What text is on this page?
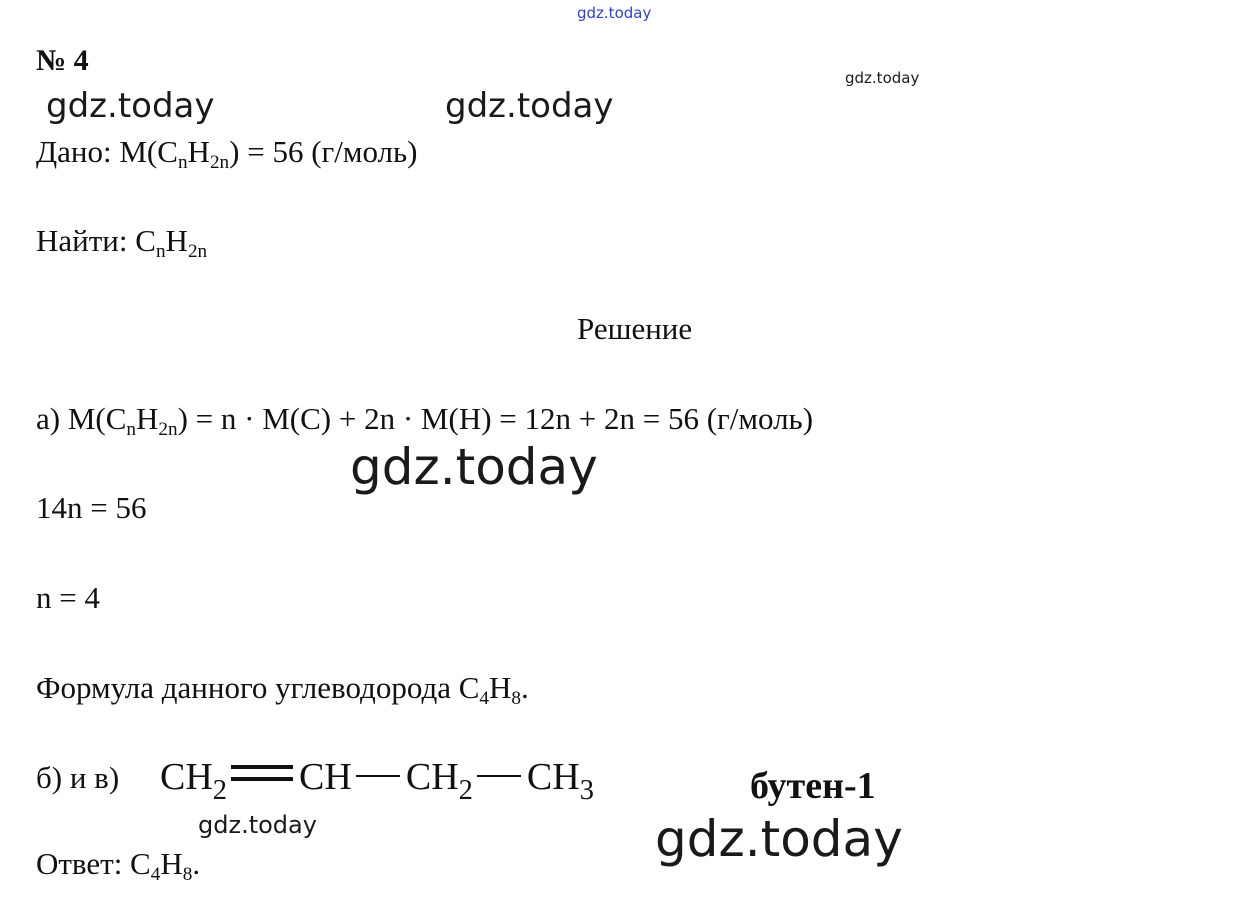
gdz.today
gdz.today
gdz.today	gdz.today
gdz.today
gdz.today	gdz.today
№ 4
Дано: $M(C_nH_{2n}) = 56$ (г/моль)
Найти: $C_nH_{2n}$
Решение
а) $M(C_nH_{2n}) = n \cdot M(C) + 2n \cdot M(H) = 12n + 2n = 56$ (г/моль)
14n = 56
n = 4
Формула данного углеводорода $C_4H_8$.
б) и в) $CH_2$ CH $CH_2$ $CH_3$	бутен-1
Ответ: $C_4H_8$.
